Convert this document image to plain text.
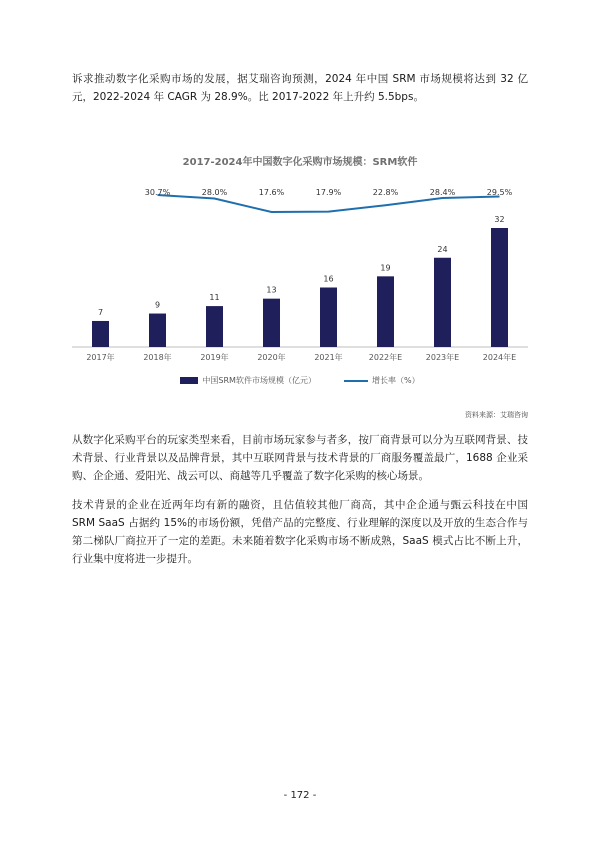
诉求推动数字化采购市场的发展，据艾瑞咨询预测，2024 年中国 SRM 市场规模将达到 32 亿元，2022-2024 年 CAGR 为 28.9%。比 2017-2022 年上升约 5.5bps。

2017-2024年中国数字化采购市场规模：SRM软件

7
2017年
9
2018年
11
2019年
13
2020年
16
2021年
19
2022年E
24
2023年E
32
2024年E
30.7%	28.0%	17.6%	17.9%	22.8%	28.4%	29.5%
中国SRM软件市场规模（亿元）	增长率（%）
资料来源：艾瑞咨询

从数字化采购平台的玩家类型来看，目前市场玩家参与者多，按厂商背景可以分为互联网背景、技术背景、行业背景以及品牌背景，其中互联网背景与技术背景的厂商服务覆盖最广，1688 企业采购、企企通、爱阳光、战云可以、商越等几乎覆盖了数字化采购的核心场景。

技术背景的企业在近两年均有新的融资，且估值较其他厂商高，其中企企通与甄云科技在中国 SRM SaaS 占据约 15%的市场份额，凭借产品的完整度、行业理解的深度以及开放的生态合作与第二梯队厂商拉开了一定的差距。未来随着数字化采购市场不断成熟，SaaS 模式占比不断上升，行业集中度将进一步提升。

- 172 -
